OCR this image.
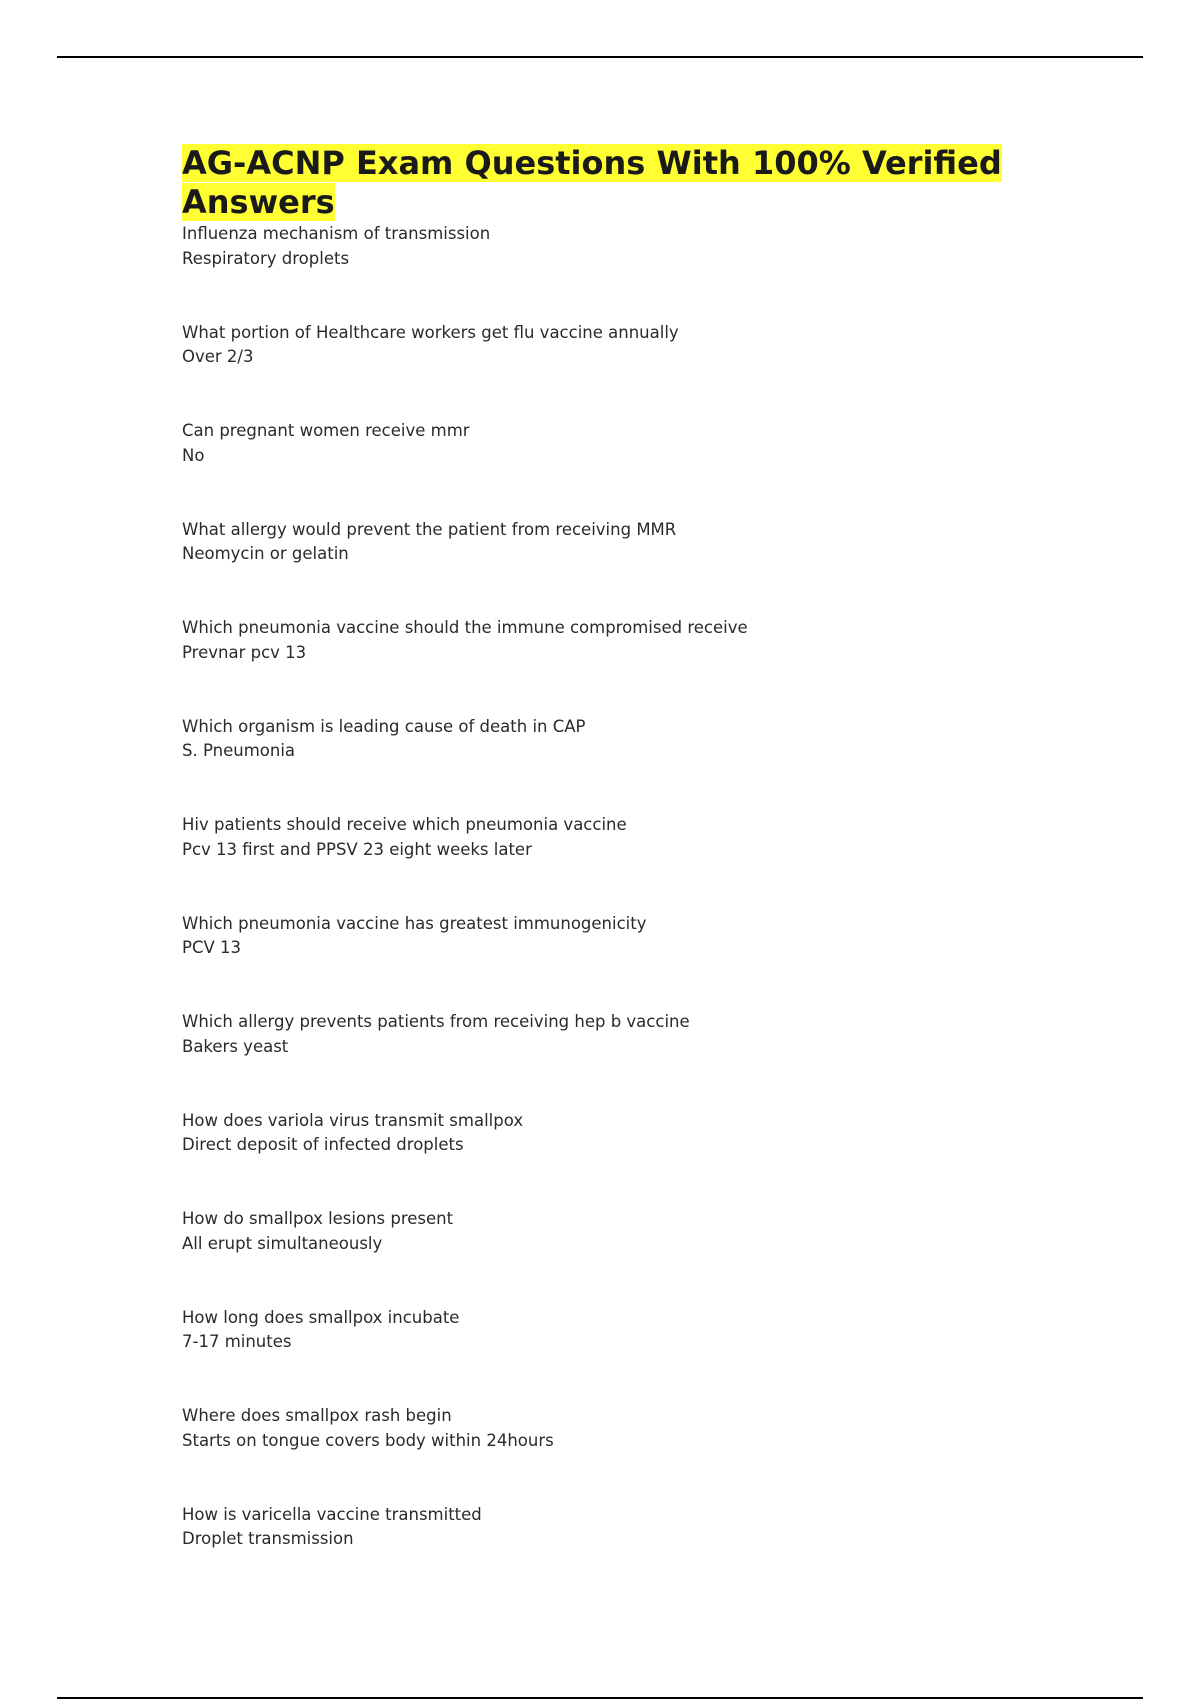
AG-ACNP Exam Questions With 100% Verified Answers
Influenza mechanism of transmission
Respiratory droplets
What portion of Healthcare workers get flu vaccine annually
Over 2/3
Can pregnant women receive mmr
No
What allergy would prevent the patient from receiving MMR
Neomycin or gelatin
Which pneumonia vaccine should the immune compromised receive
Prevnar pcv 13
Which organism is leading cause of death in CAP
S. Pneumonia
Hiv patients should receive which pneumonia vaccine
Pcv 13 first and PPSV 23 eight weeks later
Which pneumonia vaccine has greatest immunogenicity
PCV 13
Which allergy prevents patients from receiving hep b vaccine
Bakers yeast
How does variola virus transmit smallpox
Direct deposit of infected droplets
How do smallpox lesions present
All erupt simultaneously
How long does smallpox incubate
7-17 minutes
Where does smallpox rash begin
Starts on tongue covers body within 24hours
How is varicella vaccine transmitted
Droplet transmission
